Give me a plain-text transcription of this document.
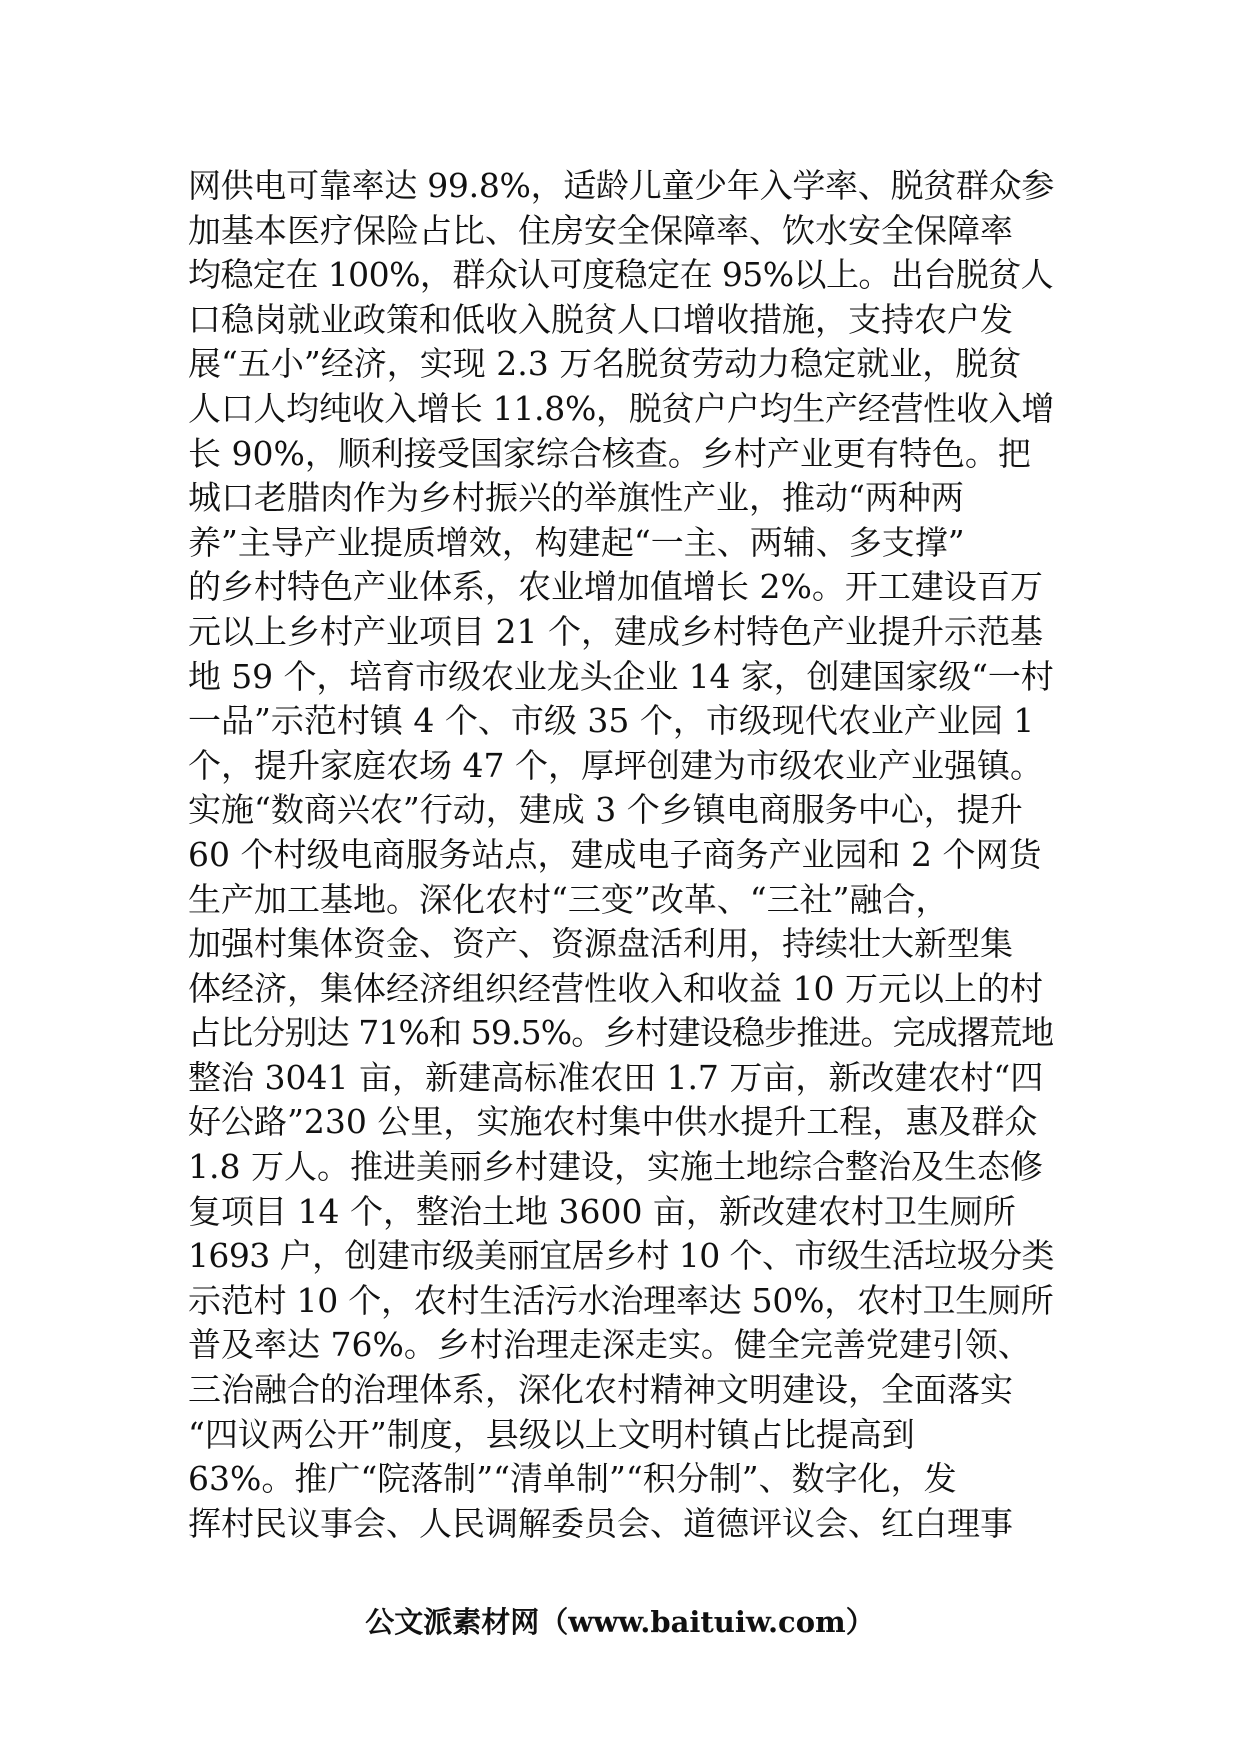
网供电可靠率达 99.8%，适龄儿童少年入学率、脱贫群众参
加基本医疗保险占比、住房安全保障率、饮水安全保障率
均稳定在 100%，群众认可度稳定在 95%以上。出台脱贫人
口稳岗就业政策和低收入脱贫人口增收措施，支持农户发
展“五小”经济，实现 2.3 万名脱贫劳动力稳定就业，脱贫
人口人均纯收入增长 11.8%，脱贫户户均生产经营性收入增
长 90%，顺利接受国家综合核查。乡村产业更有特色。把
城口老腊肉作为乡村振兴的举旗性产业，推动“两种两
养”主导产业提质增效，构建起“一主、两辅、多支撑”
的乡村特色产业体系，农业增加值增长 2%。开工建设百万
元以上乡村产业项目 21 个，建成乡村特色产业提升示范基
地 59 个，培育市级农业龙头企业 14 家，创建国家级“一村
一品”示范村镇 4 个、市级 35 个，市级现代农业产业园 1
个，提升家庭农场 47 个，厚坪创建为市级农业产业强镇。
实施“数商兴农”行动，建成 3 个乡镇电商服务中心，提升
60 个村级电商服务站点，建成电子商务产业园和 2 个网货
生产加工基地。深化农村“三变”改革、“三社”融合，
加强村集体资金、资产、资源盘活利用，持续壮大新型集
体经济，集体经济组织经营性收入和收益 10 万元以上的村
占比分别达 71%和 59.5%。乡村建设稳步推进。完成撂荒地
整治 3041 亩，新建高标准农田 1.7 万亩，新改建农村“四
好公路”230 公里，实施农村集中供水提升工程，惠及群众
1.8 万人。推进美丽乡村建设，实施土地综合整治及生态修
复项目 14 个，整治土地 3600 亩，新改建农村卫生厕所
1693 户，创建市级美丽宜居乡村 10 个、市级生活垃圾分类
示范村 10 个，农村生活污水治理率达 50%，农村卫生厕所
普及率达 76%。乡村治理走深走实。健全完善党建引领、
三治融合的治理体系，深化农村精神文明建设，全面落实
“四议两公开”制度，县级以上文明村镇占比提高到
63%。推广“院落制”“清单制”“积分制”、数字化，发
挥村民议事会、人民调解委员会、道德评议会、红白理事
公文派素材网（www.baituiw.com）
